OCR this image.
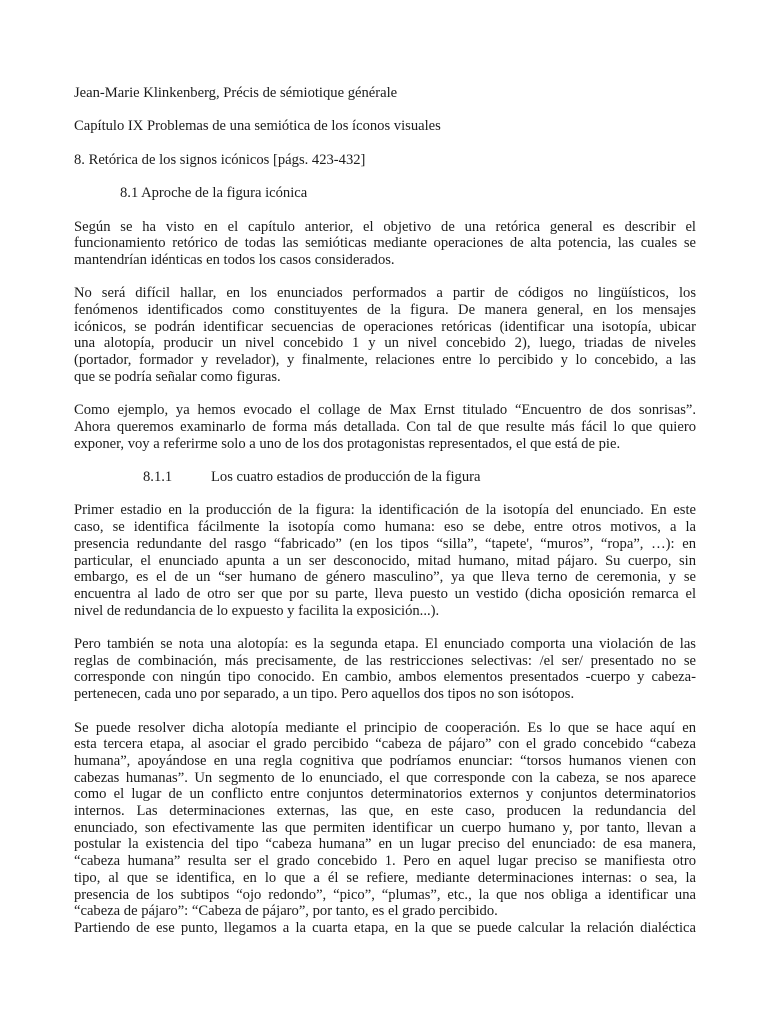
Jean-Marie Klinkenberg, Précis de sémiotique générale
Capítulo IX Problemas de una semiótica de los íconos visuales
8. Retórica de los signos icónicos [págs. 423-432]
8.1 Aproche de la figura icónica
Según se ha visto en el capítulo anterior, el objetivo de una retórica general es describir el
funcionamiento retórico de todas las semióticas mediante operaciones de alta potencia, las cuales se
mantendrían idénticas en todos los casos considerados.
No será difícil hallar, en los enunciados performados a partir de códigos no lingüísticos, los
fenómenos identificados como constituyentes de la figura. De manera general, en los mensajes
icónicos, se podrán identificar secuencias de operaciones retóricas (identificar una isotopía, ubicar
una alotopía, producir un nivel concebido 1 y un nivel concebido 2), luego, triadas de niveles
(portador, formador y revelador), y finalmente, relaciones entre lo percibido y lo concebido, a las
que se podría señalar como figuras.
Como ejemplo, ya hemos evocado el collage de Max Ernst titulado “Encuentro de dos sonrisas”.
Ahora queremos examinarlo de forma más detallada. Con tal de que resulte más fácil lo que quiero
exponer, voy a referirme solo a uno de los dos protagonistas representados, el que está de pie.
8.1.1	Los cuatro estadios de producción de la figura
Primer estadio en la producción de la figura: la identificación de la isotopía del enunciado. En este
caso, se identifica fácilmente la isotopía como humana: eso se debe, entre otros motivos, a la
presencia redundante del rasgo “fabricado” (en los tipos “silla”, “tapete', “muros”, “ropa”, …): en
particular, el enunciado apunta a un ser desconocido, mitad humano, mitad pájaro. Su cuerpo, sin
embargo, es el de un “ser humano de género masculino”, ya que lleva terno de ceremonia, y se
encuentra al lado de otro ser que por su parte, lleva puesto un vestido (dicha oposición remarca el
nivel de redundancia de lo expuesto y facilita la exposición...).
Pero también se nota una alotopía: es la segunda etapa. El enunciado comporta una violación de las
reglas de combinación, más precisamente, de las restricciones selectivas: /el ser/ presentado no se
corresponde con ningún tipo conocido. En cambio, ambos elementos presentados -cuerpo y cabeza-
pertenecen, cada uno por separado, a un tipo. Pero aquellos dos tipos no son isótopos.
Se puede resolver dicha alotopía mediante el principio de cooperación. Es lo que se hace aquí en
esta tercera etapa, al asociar el grado percibido “cabeza de pájaro” con el grado concebido “cabeza
humana”, apoyándose en una regla cognitiva que podríamos enunciar: “torsos humanos vienen con
cabezas humanas”. Un segmento de lo enunciado, el que corresponde con la cabeza, se nos aparece
como el lugar de un conflicto entre conjuntos determinatorios externos y conjuntos determinatorios
internos. Las determinaciones externas, las que, en este caso, producen la redundancia del
enunciado, son efectivamente las que permiten identificar un cuerpo humano y, por tanto, llevan a
postular la existencia del tipo “cabeza humana” en un lugar preciso del enunciado: de esa manera,
“cabeza humana” resulta ser el grado concebido 1. Pero en aquel lugar preciso se manifiesta otro
tipo, al que se identifica, en lo que a él se refiere, mediante determinaciones internas: o sea, la
presencia de los subtipos “ojo redondo”, “pico”, “plumas”, etc., la que nos obliga a identificar una
“cabeza de pájaro”: “Cabeza de pájaro”, por tanto, es el grado percibido.
Partiendo de ese punto, llegamos a la cuarta etapa, en la que se puede calcular la relación dialéctica
